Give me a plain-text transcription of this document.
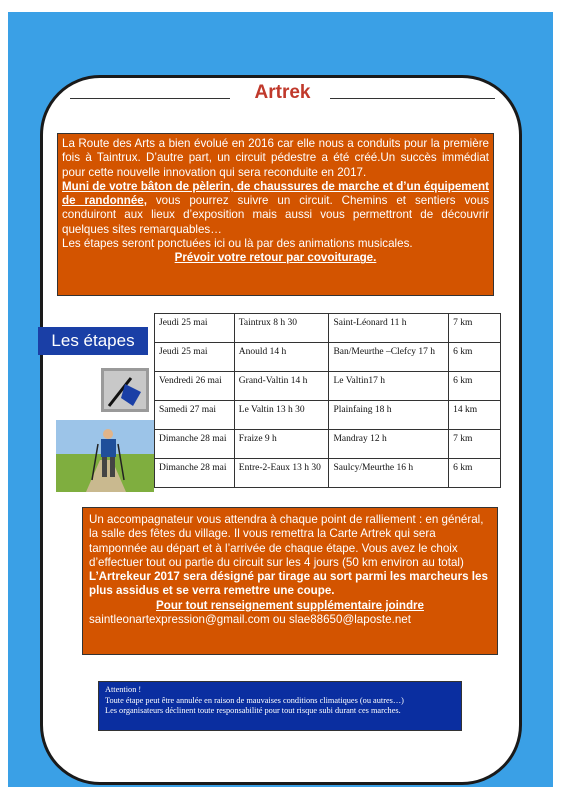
Artrek

La Route des Arts a bien évolué en 2016 car elle nous a conduits pour la première fois à Taintrux. D’autre part, un circuit pédestre a été créé.Un succès immédiat pour cette nouvelle innovation qui sera reconduite en 2017.

Muni de votre bâton de pèlerin, de chaussures de marche et d’un équipement de randonnée, vous pourrez suivre un circuit. Chemins et sentiers vous conduiront aux lieux d’exposition mais aussi vous permettront de découvrir quelques sites remarquables…

Les étapes seront ponctuées ici ou là par des animations musicales.

Prévoir votre retour par covoiturage.

Les étapes
Jeudi 25 mai	Taintrux 8 h 30	Saint-Léonard 11 h	7 km
Jeudi 25 mai	Anould 14 h	Ban/Meurthe –Clefcy 17 h	6 km
Vendredi 26 mai	Grand-Valtin 14 h	Le Valtin17 h	6 km
Samedi 27 mai	Le Valtin 13 h 30	Plainfaing 18 h	14 km
Dimanche 28 mai	Fraize 9 h	Mandray 12 h	7 km
Dimanche 28 mai	Entre-2-Eaux 13 h 30	Saulcy/Meurthe 16 h	6 km

Un accompagnateur vous attendra à chaque point de ralliement : en général, la salle des fêtes du village. Il vous remettra la Carte Artrek qui sera tamponnée au départ et à l’arrivée de chaque étape. Vous avez le choix d’effectuer tout ou partie du circuit sur les 4 jours (50 km environ au total)

L’Artrekeur 2017 sera désigné par tirage au sort parmi les marcheurs les plus assidus et se verra remettre une coupe.

Pour tout renseignement supplémentaire joindre

saintleonartexpression@gmail.com ou slae88650@laposte.net

Attention !

Toute étape peut être annulée en raison de mauvaises conditions climatiques (ou autres…)

Les organisateurs déclinent toute responsabilité pour tout risque subi durant ces marches.
